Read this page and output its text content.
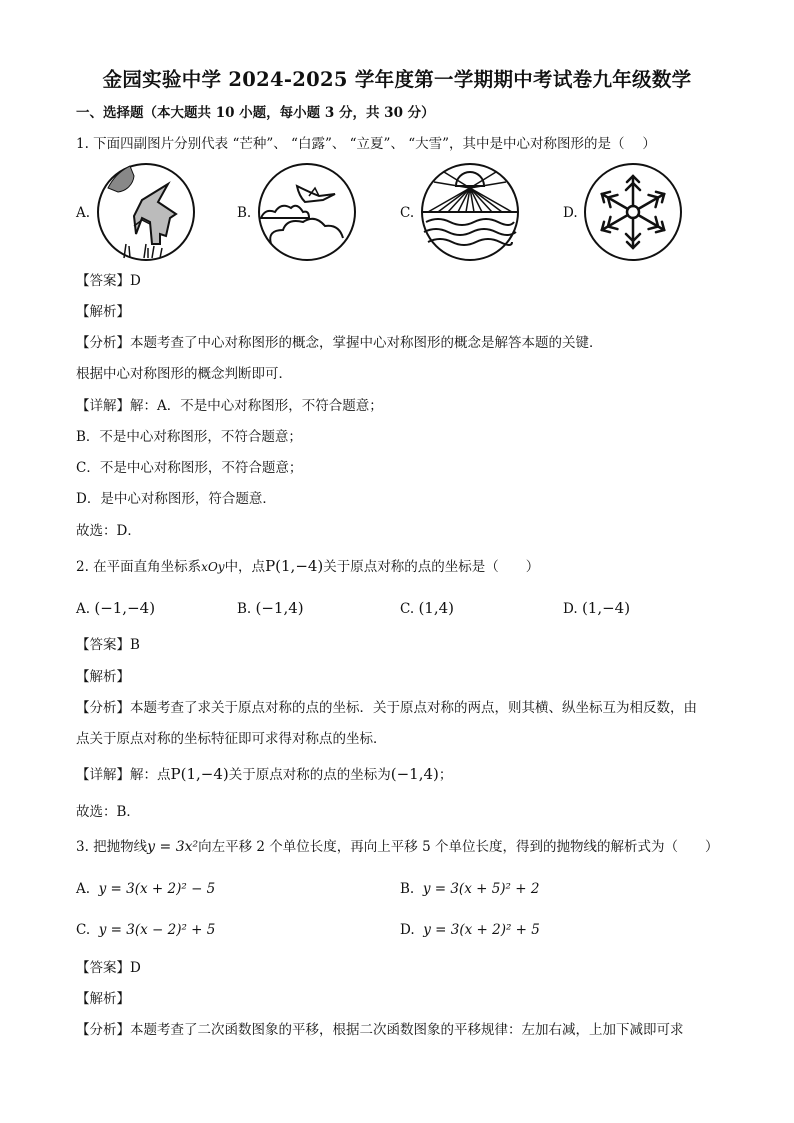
金园实验中学 2024-2025 学年度第一学期期中考试卷九年级数学
一、选择题（本大题共 10 小题，每小题 3 分，共 30 分）
1. 下面四副图片分别代表 “芒种”、 “白露”、 “立夏”、 “大雪”，其中是中心对称图形的是（　 ）
A.	B.	C.	D.
【答案】D
【解析】
【分析】本题考查了中心对称图形的概念，掌握中心对称图形的概念是解答本题的关键．
根据中心对称图形的概念判断即可．
【详解】解：A．不是中心对称图形，不符合题意；
B．不是中心对称图形，不符合题意；
C．不是中心对称图形，不符合题意；
D．是中心对称图形，符合题意．
故选：D．
2. 在平面直角坐标系xOy中，点P(1,−4)关于原点对称的点的坐标是（　　）
A. (−1,−4)	B. (−1,4)	C. (1,4)	D. (1,−4)
【答案】B
【解析】
【分析】本题考查了求关于原点对称的点的坐标．关于原点对称的两点，则其横、纵坐标互为相反数，由
点关于原点对称的坐标特征即可求得对称点的坐标．
【详解】解：点P(1,−4)关于原点对称的点的坐标为(−1,4)；
故选：B．
3. 把抛物线y = 3x²向左平移 2 个单位长度，再向上平移 5 个单位长度，得到的抛物线的解析式为（　　）
A. y = 3(x + 2)² − 5	B. y = 3(x + 5)² + 2
C. y = 3(x − 2)² + 5	D. y = 3(x + 2)² + 5
【答案】D
【解析】
【分析】本题考查了二次函数图象的平移，根据二次函数图象的平移规律：左加右减，上加下减即可求
